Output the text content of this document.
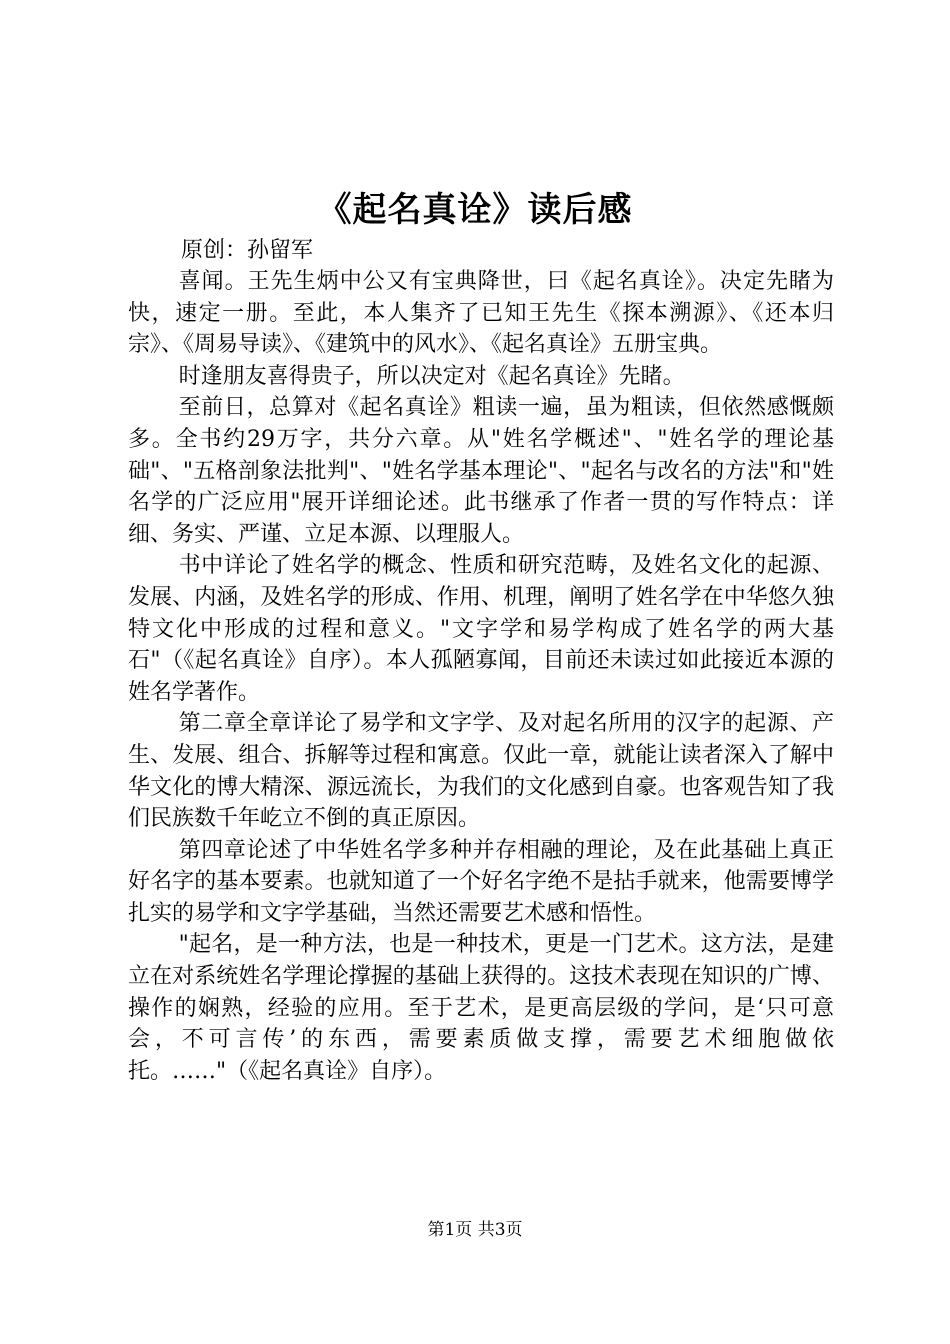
《起名真诠》读后感

原创：孙留军

喜闻。王先生炳中公又有宝典降世，曰《起名真诠》。决定先睹为快，速定一册。至此，本人集齐了已知王先生《探本溯源》、《还本归宗》、《周易导读》、《建筑中的风水》、《起名真诠》五册宝典。

时逢朋友喜得贵子，所以决定对《起名真诠》先睹。

至前日，总算对《起名真诠》粗读一遍，虽为粗读，但依然感慨颇多。全书约29万字，共分六章。从"姓名学概述"、"姓名学的理论基础"、"五格剖象法批判"、"姓名学基本理论"、"起名与改名的方法"和"姓名学的广泛应用"展开详细论述。此书继承了作者一贯的写作特点：详细、务实、严谨、立足本源、以理服人。

书中详论了姓名学的概念、性质和研究范畴，及姓名文化的起源、发展、内涵，及姓名学的形成、作用、机理，阐明了姓名学在中华悠久独特文化中形成的过程和意义。"文字学和易学构成了姓名学的两大基石"（《起名真诠》自序）。本人孤陋寡闻，目前还未读过如此接近本源的姓名学著作。

第二章全章详论了易学和文字学、及对起名所用的汉字的起源、产生、发展、组合、拆解等过程和寓意。仅此一章，就能让读者深入了解中华文化的博大精深、源远流长，为我们的文化感到自豪。也客观告知了我们民族数千年屹立不倒的真正原因。

第四章论述了中华姓名学多种并存相融的理论，及在此基础上真正好名字的基本要素。也就知道了一个好名字绝不是拈手就来，他需要博学扎实的易学和文字学基础，当然还需要艺术感和悟性。

"起名，是一种方法，也是一种技术，更是一门艺术。这方法，是建立在对系统姓名学理论撑握的基础上获得的。这技术表现在知识的广博、操作的娴熟，经验的应用。至于艺术，是更高层级的学问，是‘只可意会，不可言传’的东西，需要素质做支撑，需要艺术细胞做依托。……"（《起名真诠》自序）。

第1页 共3页
